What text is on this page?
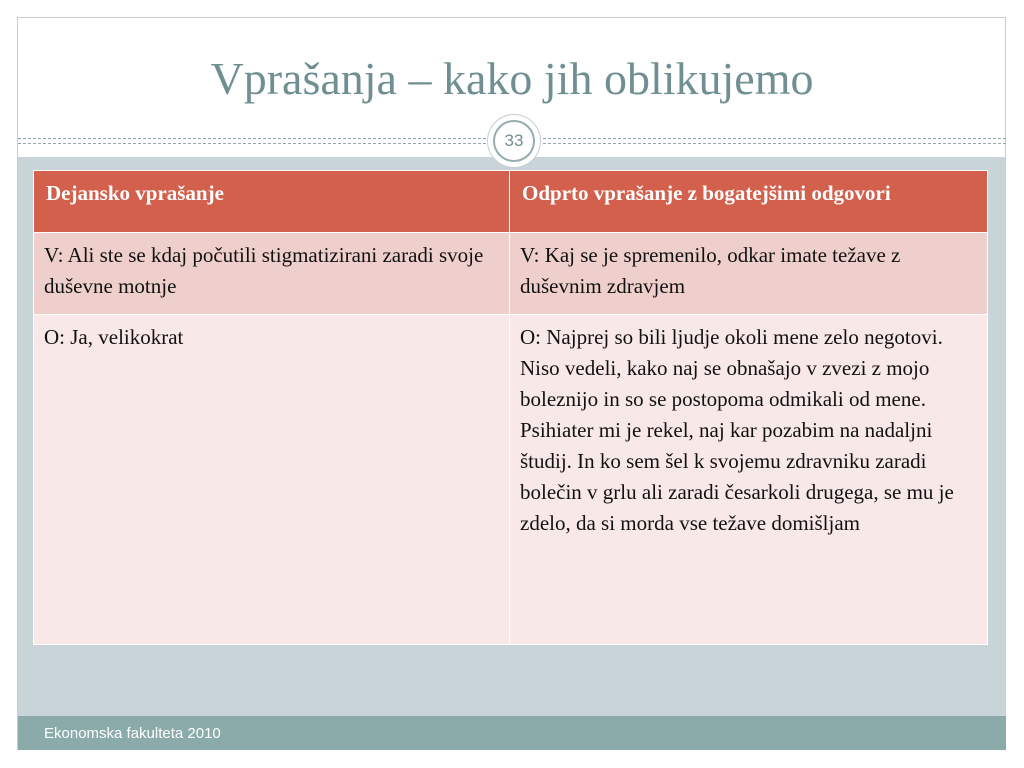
Vprašanja – kako jih oblikujemo
33
Dejansko vprašanje	Odprto vprašanje z bogatejšimi odgovori
V: Ali ste se kdaj počutili stigmatizirani zaradi svoje duševne motnje	V: Kaj se je spremenilo, odkar imate težave z duševnim zdravjem
O: Ja, velikokrat	O: Najprej so bili ljudje okoli mene zelo negotovi. Niso vedeli, kako naj se obnašajo v zvezi z mojo boleznijo in so se postopoma odmikali od mene. Psihiater mi je rekel, naj kar pozabim na nadaljni študij. In ko sem šel k svojemu zdravniku zaradi bolečin v grlu ali zaradi česarkoli drugega, se mu je zdelo, da si morda vse težave domišljam
Ekonomska fakulteta 2010
